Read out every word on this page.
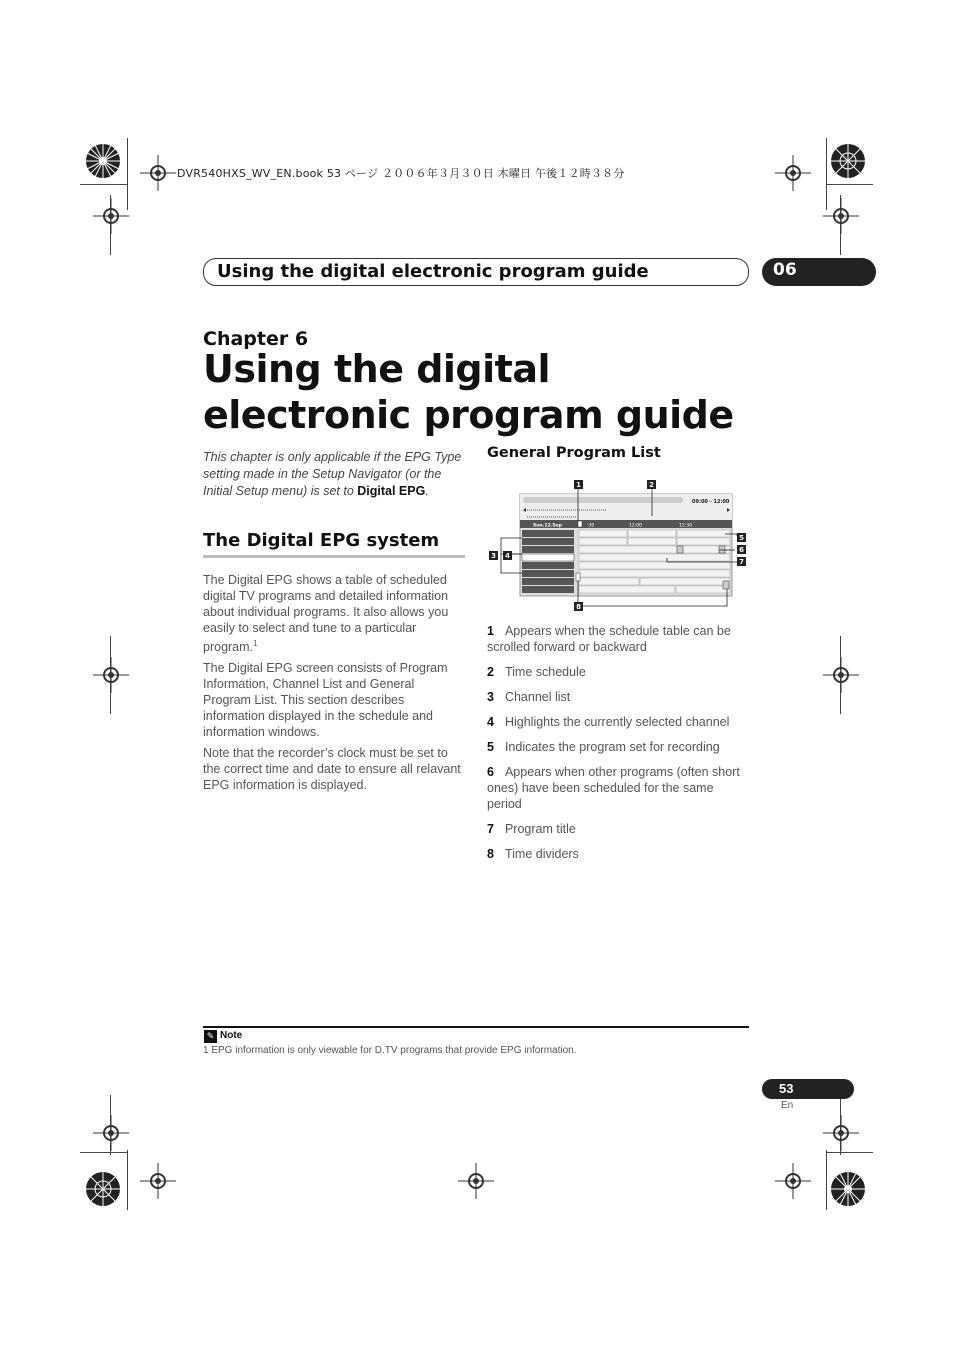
DVR540HXS_WV_EN.book 53 ページ ２００６年３月３０日 木曜日 午後１２時３８分
Using the digital electronic program guide	06
Chapter 6
Using the digital electronic program guide
This chapter is only applicable if the EPG Type setting made in the Setup Navigator (or the Initial Setup menu) is set to Digital EPG.
The Digital EPG system

The Digital EPG shows a table of scheduled digital TV programs and detailed information about individual programs. It also allows you easily to select and tune to a particular program.$^1$

The Digital EPG screen consists of Program Information, Channel List and General Program List. This section describes information displayed in the schedule and information windows.

Note that the recorder’s clock must be set to the correct time and date to ensure all relavant EPG information is displayed.

General Program List
09:00 - 12:00
Sun.12.Sep	:30	12:00	12:30
1	2
3 4
5
6
7
8
1 Appears when the schedule table can be scrolled forward or backward
2 Time schedule
3 Channel list
4 Highlights the currently selected channel
5 Indicates the program set for recording
6 Appears when other programs (often short ones) have been scheduled for the same period
7 Program title
8 Time dividers
✎ Note
1 EPG information is only viewable for D.TV programs that provide EPG information.
53
En
